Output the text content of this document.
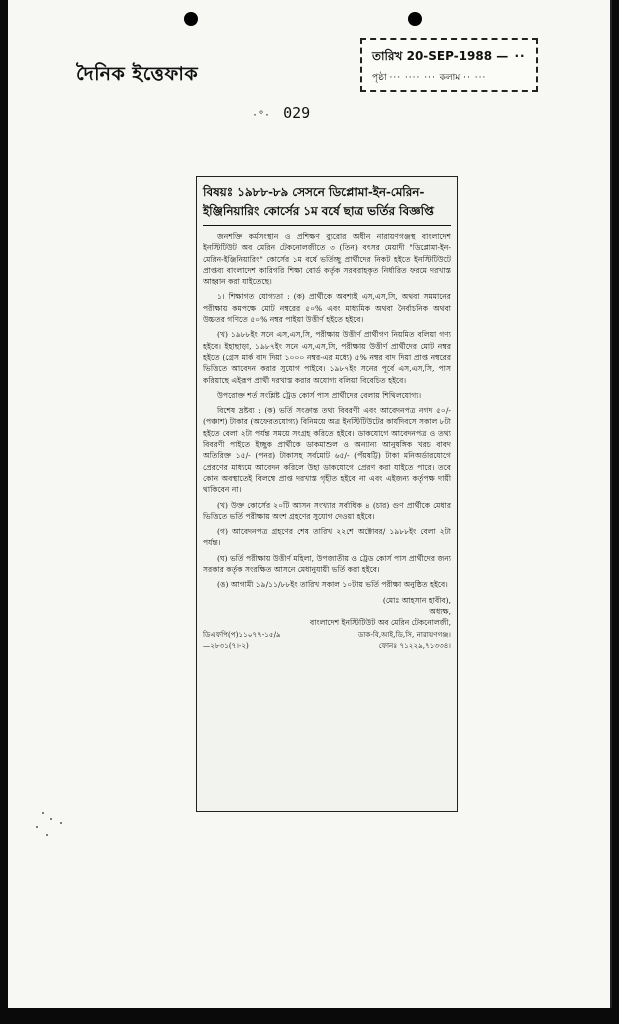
দৈনিক ইত্তেফাক
তারিখ 20-SEP-1988 — ··
পৃষ্ঠা ··· ···· ··· কলাম ·· ···
·°· 029
বিষয়ঃ ১৯৮৮-৮৯ সেসনে ডিপ্লোমা-ইন-মেরিন-ইঞ্জিনিয়ারিং কোর্সের ১ম বর্ষে ছাত্র ভর্তির বিজ্ঞপ্তি

জনশক্তি কর্মসংস্থান ও প্রশিক্ষণ ব্যুরোর অধীন নারায়ণগঞ্জস্থ বাংলাদেশ ইনস্টিটিউট অব মেরিন টেকনোলজীতে ৩ (তিন) বৎসর মেয়াদী "ডিপ্লোমা-ইন-মেরিন-ইঞ্জিনিয়ারিং" কোর্সের ১ম বর্ষে ভর্তিচ্ছু প্রার্থীদের নিকট হইতে ইনস্টিটিউটে প্রাপ্তব্য বাংলাদেশ কারিগরি শিক্ষা বোর্ড কর্তৃক সরবরাহকৃত নির্ধারিত ফরমে দরখাস্ত আহ্বান করা যাইতেছে।

১। শিক্ষাগত যোগ্যতা : (ক) প্রার্থীকে অবশ্যই এস,এস,সি, অথবা সমমানের পরীক্ষায় কমপক্ষে মোট নম্বরের ৫০% এবং মাধ্যমিক অথবা নৈর্বাচনিক অথবা উচ্চতর গণিতে ৫০% নম্বর পাইয়া উত্তীর্ণ হইতে হইবে।

(খ) ১৯৮৮ইং সনে এস,এস,সি, পরীক্ষায় উত্তীর্ণ প্রার্থীগণ নিয়মিত বলিয়া গণ্য হইবে। ইহাছাড়া, ১৯৮৭ইং সনে এস,এস,সি, পরীক্ষায় উত্তীর্ণ প্রার্থীদের মোট নম্বর হইতে (গ্রেস মার্ক বাদ দিয়া ১০০০ নম্বর-এর মধ্যে) ৫% নম্বর বাদ দিয়া প্রাপ্ত নম্বরের ভিত্তিতে আবেদন করার সুযোগ পাইবে। ১৯৮৭ইং সনের পূর্বে এস,এস,সি, পাস করিয়াছে এইরূপ প্রার্থী দরখাস্ত করার অযোগ্য বলিয়া বিবেচিত হইবে।

উপরোক্ত শর্ত সংশ্লিষ্ট ট্রেড কোর্স পাস প্রার্থীদের বেলায় শিথিলযোগ্য।

বিশেষ দ্রষ্টব্য : (ক) ভর্তি সংক্রান্ত তথ্য বিবরণী এবং আবেদনপত্র নগদ ৫০/-(পঞ্চাশ) টাকার (অফেরতযোগ্য) বিনিময়ে অত্র ইনস্টিটিউটের কার্যদিবসে সকাল ৮টা হইতে বেলা ২টা পর্যন্ত সময়ে সংগ্রহ করিতে হইবে। ডাকযোগে আবেদনপত্র ও তথ্য বিবরণী পাইতে ইচ্ছুক প্রার্থীকে ডাকমাশুল ও অন্যান্য আনুষঙ্গিক খরচ বাবদ অতিরিক্ত ১৫/- (পনর) টাকাসহ সর্বমোট ৬৫/- (পঁয়ষট্টি) টাকা মনিঅর্ডারযোগে প্রেরণের মাধ্যমে আবেদন করিলে উহা ডাকযোগে প্রেরণ করা যাইতে পারে। তবে কোন অবস্থাতেই বিলম্বে প্রাপ্ত দরখাস্ত গৃহীত হইবে না এবং এইজন্য কর্তৃপক্ষ দায়ী থাকিবেন না।

(খ) উক্ত কোর্সের ২০টি আসন সংখ্যার সর্বাধিক ৪ (চার) গুণ প্রার্থীকে মেধার ভিত্তিতে ভর্তি পরীক্ষায় অংশ গ্রহণের সুযোগ দেওয়া হইবে।

(গ) আবেদনপত্র গ্রহণের শেষ তারিখ ২২শে অক্টোবর/ ১৯৮৮ইং বেলা ২টা পর্যন্ত।

(ঘ) ভর্তি পরীক্ষায় উত্তীর্ণ মহিলা, উপজাতীয় ও ট্রেড কোর্স পাস প্রার্থীদের জন্য সরকার কর্তৃক সংরক্ষিত আসনে মেধানুযায়ী ভর্তি করা হইবে।

(ঙ) আগামী ১৯/১১/৮৮ইং তারিখ সকাল ১০টায় ভর্তি পরীক্ষা অনুষ্ঠিত হইবে।

(মোঃ আহসান হাবীব),
অধ্যক্ষ,
বাংলাদেশ ইনস্টিটিউট অব মেরিন টেকনোলজী,
ডিএফপি(প)১১০৭৭-১৫/৯	ডাক-বি,আই,ডি,সি, নারায়ণগঞ্জ।
—২৮৩১(৭।-২)	ফোনঃ ৭১২২৯,৭১৩৩৪।
